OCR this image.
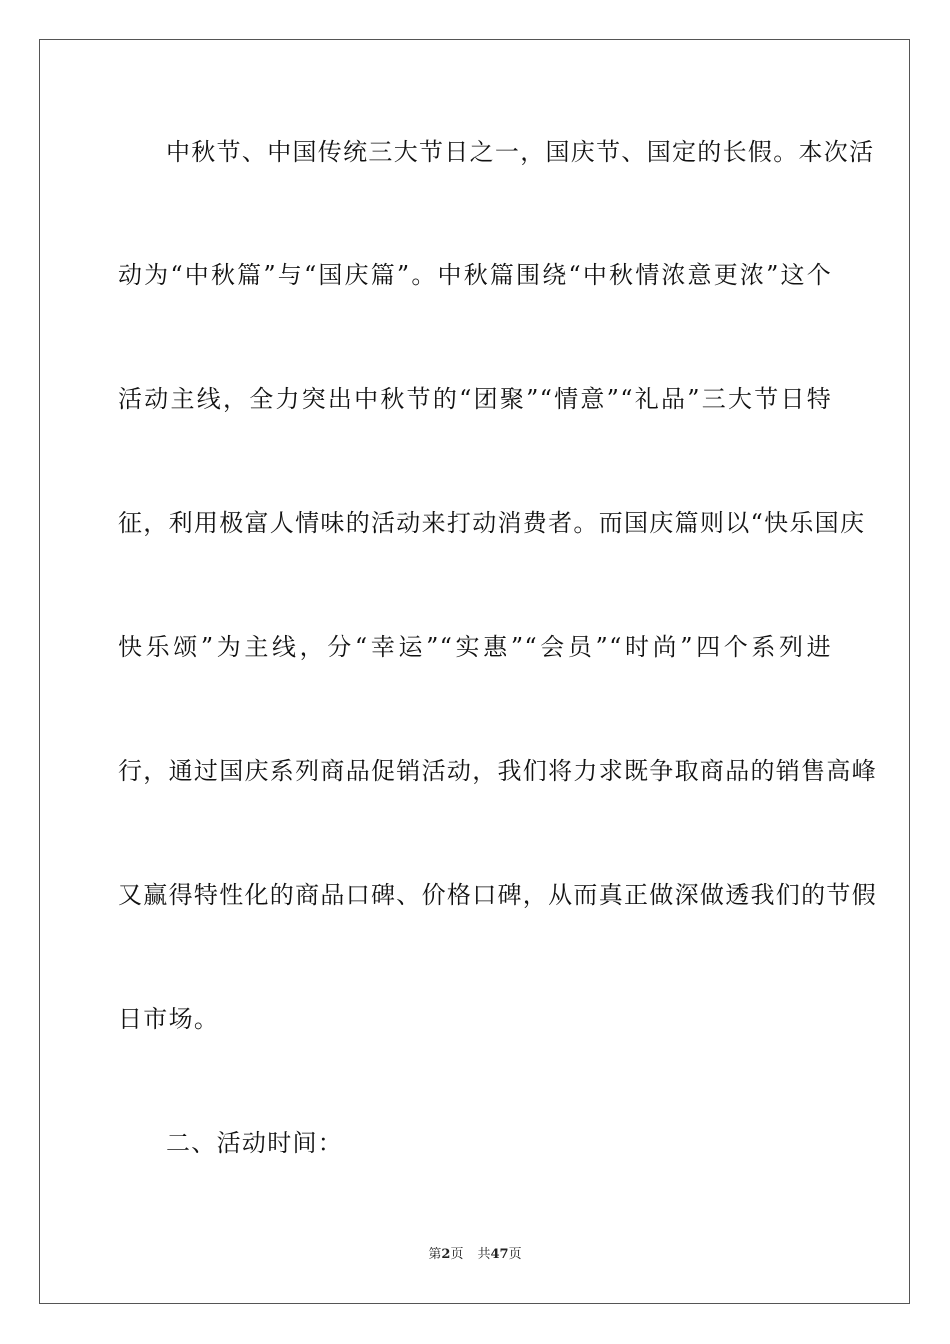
中秋节、中国传统三大节日之一，国庆节、国定的长假。本次活
动为“中秋篇”与“国庆篇”。中秋篇围绕“中秋情浓意更浓”这个
活动主线，全力突出中秋节的“团聚”“情意”“礼品”三大节日特
征，利用极富人情味的活动来打动消费者。而国庆篇则以“快乐国庆
快乐颂”为主线，分“幸运”“实惠”“会员”“时尚”四个系列进
行，通过国庆系列商品促销活动，我们将力求既争取商品的销售高峰
又赢得特性化的商品口碑、价格口碑，从而真正做深做透我们的节假
日市场。
二、活动时间：
第2页 共47页
